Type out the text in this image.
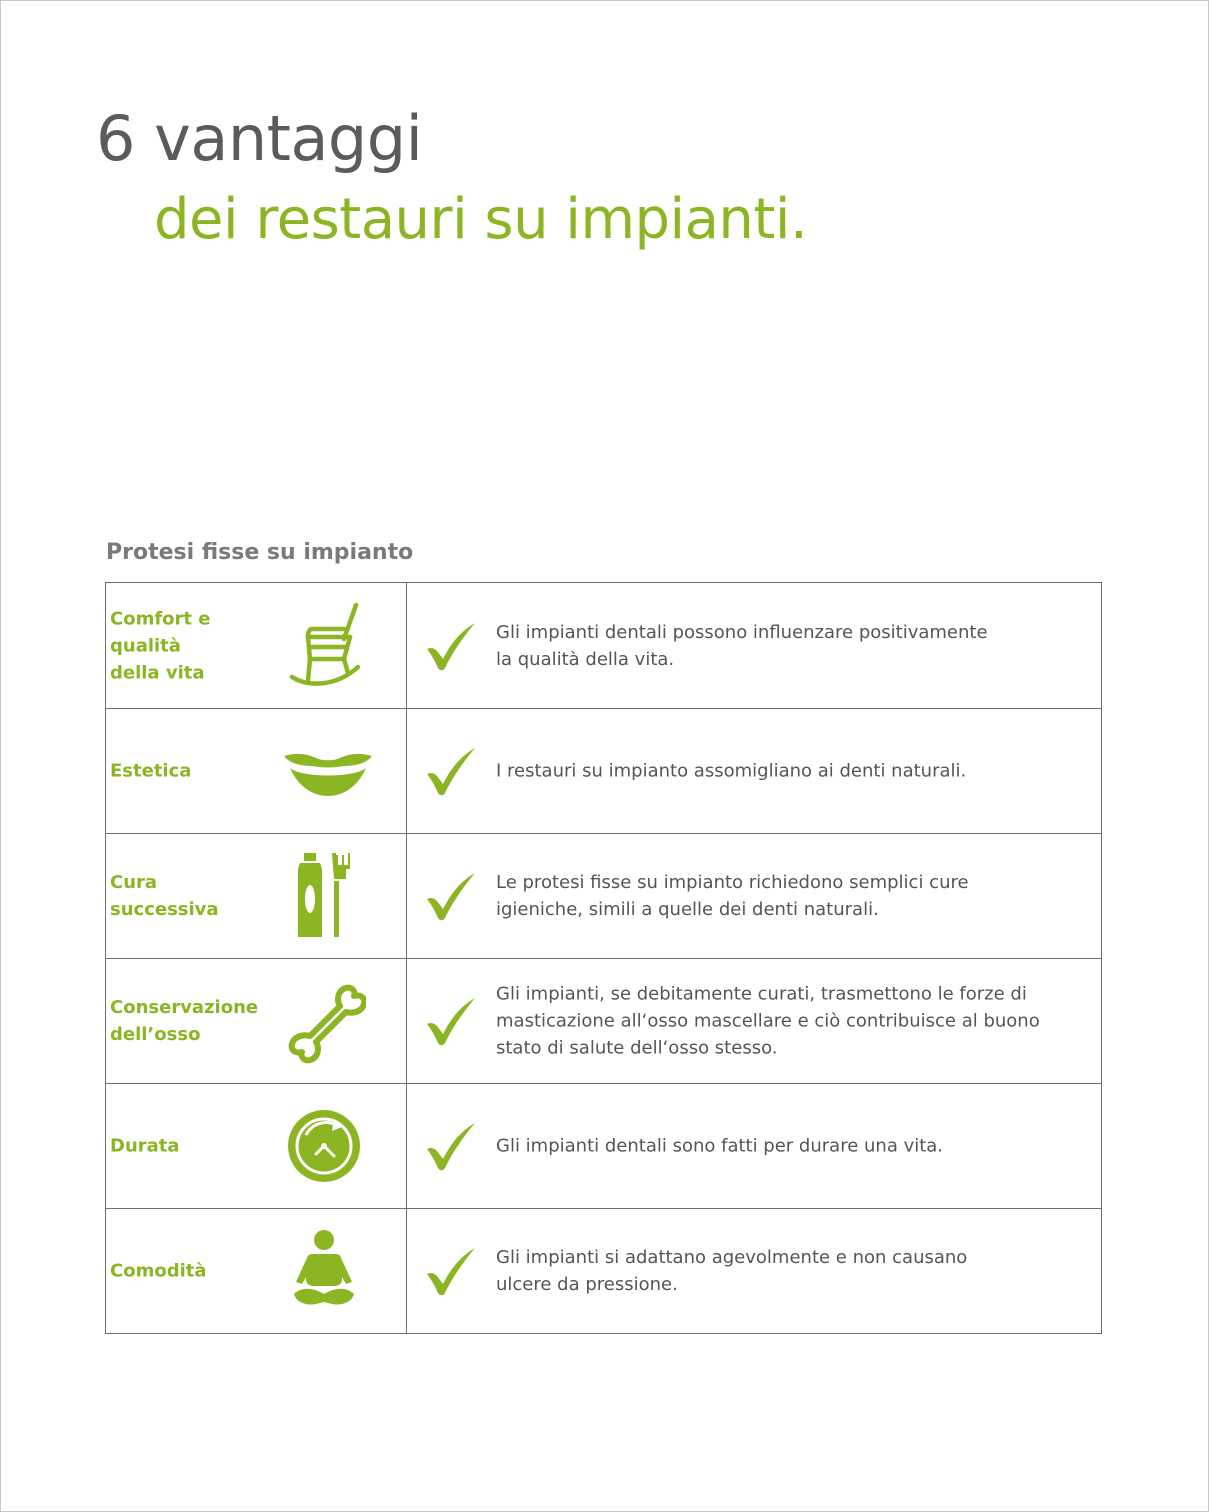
6 vantaggi
dei restauri su impianti.
Protesi fisse su impianto
Comfort e qualità
della vita
Gli impianti dentali possono influenzare positivamente
la qualità della vita.
Estetica	I restauri su impianto assomigliano ai denti naturali.
Cura
successiva
Le protesi fisse su impianto richiedono semplici cure
igieniche, simili a quelle dei denti naturali.
Conservazione
dell’osso
Gli impianti, se debitamente curati, trasmettono le forze di
masticazione all‘osso mascellare e ciò contribuisce al buono
stato di salute dell‘osso stesso.
Durata	Gli impianti dentali sono fatti per durare una vita.
Comodità
Gli impianti si adattano agevolmente e non causano
ulcere da pressione.
